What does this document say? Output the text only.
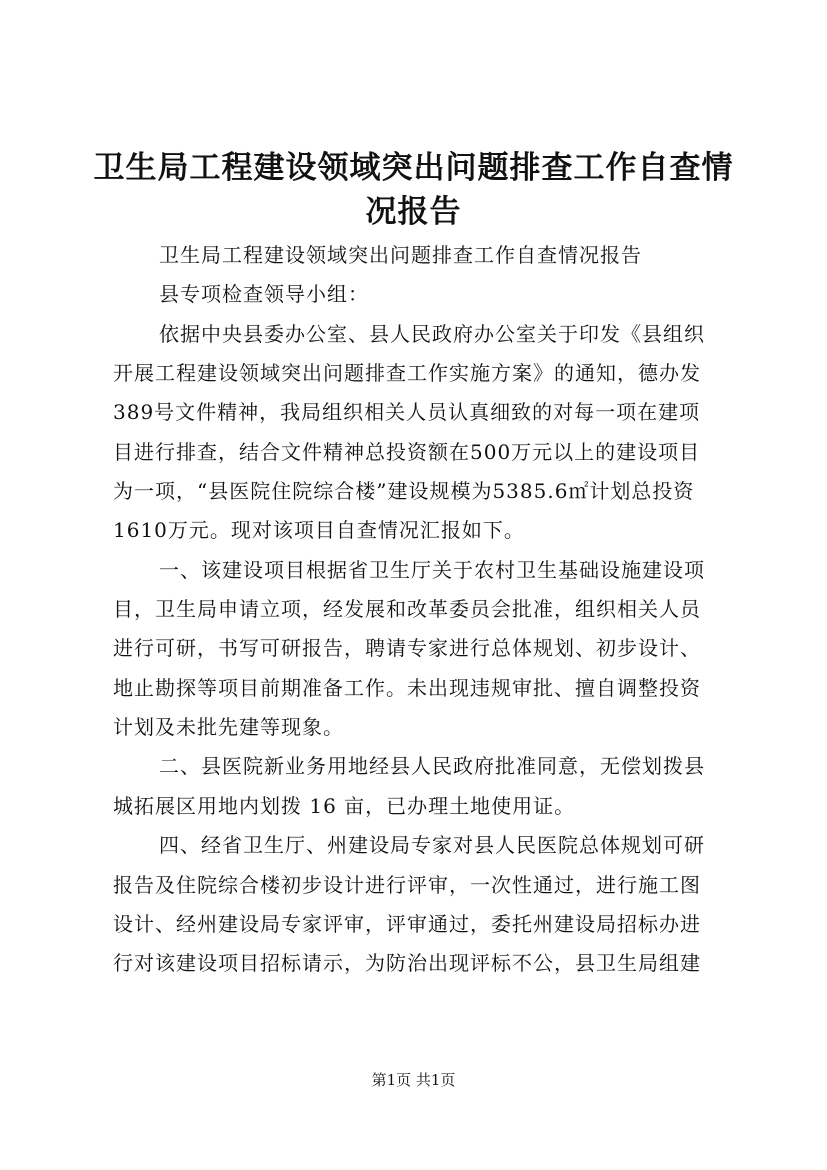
卫生局工程建设领域突出问题排查工作自查情
况报告
卫生局工程建设领域突出问题排查工作自查情况报告
县专项检查领导小组：
依据中央县委办公室、县人民政府办公室关于印发《县组织
开展工程建设领域突出问题排查工作实施方案》的通知，德办发
389号文件精神，我局组织相关人员认真细致的对每一项在建项
目进行排查，结合文件精神总投资额在500万元以上的建设项目
为一项，“县医院住院综合楼”建设规模为5385.6㎡计划总投资
1610万元。现对该项目自查情况汇报如下。
一、该建设项目根据省卫生厅关于农村卫生基础设施建设项
目，卫生局申请立项，经发展和改革委员会批准，组织相关人员
进行可研，书写可研报告，聘请专家进行总体规划、初步设计、
地止勘探等项目前期准备工作。未出现违规审批、擅自调整投资
计划及未批先建等现象。
二、县医院新业务用地经县人民政府批准同意，无偿划拨县
城拓展区用地内划拨 16 亩，已办理土地使用证。
四、经省卫生厅、州建设局专家对县人民医院总体规划可研
报告及住院综合楼初步设计进行评审，一次性通过，进行施工图
设计、经州建设局专家评审，评审通过，委托州建设局招标办进
行对该建设项目招标请示，为防治出现评标不公，县卫生局组建
第1页 共1页
